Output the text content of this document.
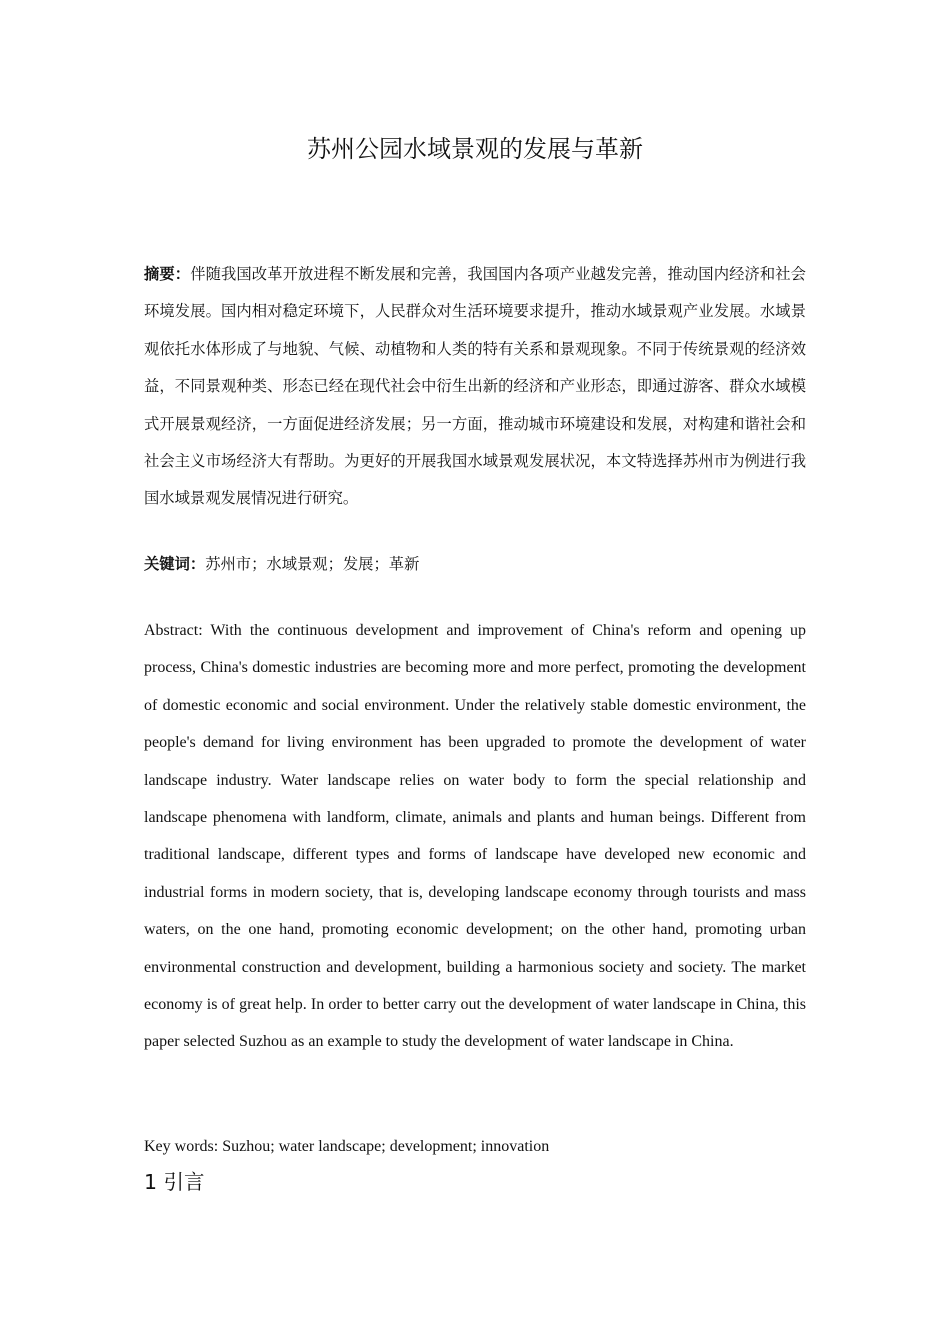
苏州公园水域景观的发展与革新
摘要：伴随我国改革开放进程不断发展和完善，我国国内各项产业越发完善，推动国内经济和社会环境发展。国内相对稳定环境下，人民群众对生活环境要求提升，推动水域景观产业发展。水域景观依托水体形成了与地貌、气候、动植物和人类的特有关系和景观现象。不同于传统景观的经济效益，不同景观种类、形态已经在现代社会中衍生出新的经济和产业形态，即通过游客、群众水域模式开展景观经济，一方面促进经济发展；另一方面，推动城市环境建设和发展，对构建和谐社会和社会主义市场经济大有帮助。为更好的开展我国水域景观发展状况，本文特选择苏州市为例进行我国水域景观发展情况进行研究。
关键词：苏州市；水域景观；发展；革新
Abstract: With the continuous development and improvement of China's reform and opening up process, China's domestic industries are becoming more and more perfect, promoting the development of domestic economic and social environment. Under the relatively stable domestic environment, the people's demand for living environment has been upgraded to promote the development of water landscape industry. Water landscape relies on water body to form the special relationship and landscape phenomena with landform, climate, animals and plants and human beings. Different from traditional landscape, different types and forms of landscape have developed new economic and industrial forms in modern society, that is, developing landscape economy through tourists and mass waters, on the one hand, promoting economic development; on the other hand, promoting urban environmental construction and development, building a harmonious society and society. The market economy is of great help. In order to better carry out the development of water landscape in China, this paper selected Suzhou as an example to study the development of water landscape in China.
Key words: Suzhou; water landscape; development; innovation
1 引言
